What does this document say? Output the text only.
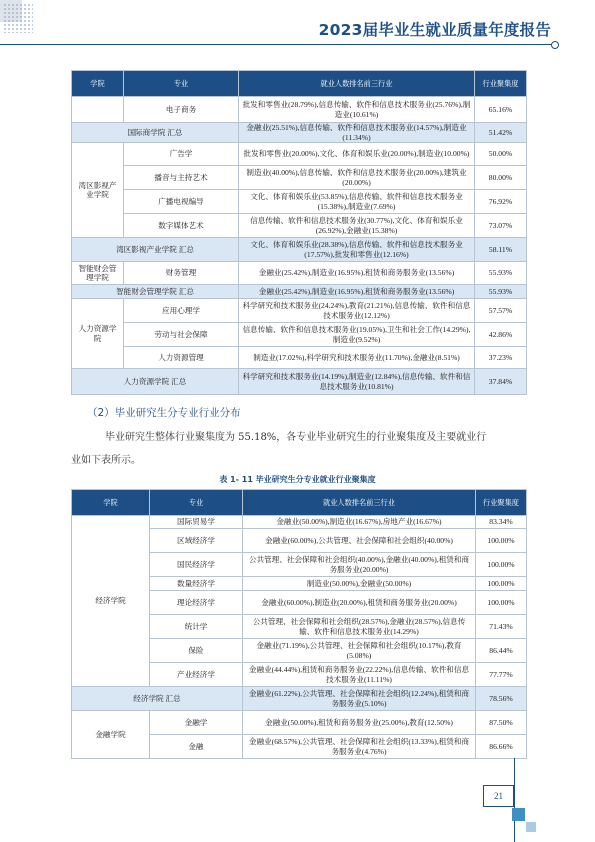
2023届毕业生就业质量年度报告
学院	专业	就业人数排名前三行业	行业聚集度
	电子商务	批发和零售业(28.79%),信息传输、软件和信息技术服务业(25.76%),制造业(10.61%)	65.16%
国际商学院 汇总		金融业(25.51%),信息传输、软件和信息技术服务业(14.57%),制造业(11.34%)	51.42%
湾区影视产业学院	广告学	批发和零售业(20.00%),文化、体育和娱乐业(20.00%),制造业(10.00%)	50.00%
	播音与主持艺术	制造业(40.00%),信息传输、软件和信息技术服务业(20.00%),建筑业(20.00%)	80.00%
	广播电视编导	文化、体育和娱乐业(53.85%),信息传输、软件和信息技术服务业(15.38%),制造业(7.69%)	76.92%
	数字媒体艺术	信息传输、软件和信息技术服务业(30.77%),文化、体育和娱乐业(26.92%),金融业(15.38%)	73.07%
湾区影视产业学院 汇总		文化、体育和娱乐业(28.38%),信息传输、软件和信息技术服务业(17.57%),批发和零售业(12.16%)	58.11%
智能财会管理学院	财务管理	金融业(25.42%),制造业(16.95%),租赁和商务服务业(13.56%)	55.93%
智能财会管理学院 汇总		金融业(25.42%),制造业(16.95%),租赁和商务服务业(13.56%)	55.93%
人力资源学院	应用心理学	科学研究和技术服务业(24.24%),教育(21.21%),信息传输、软件和信息技术服务业(12.12%)	57.57%
	劳动与社会保障	信息传输、软件和信息技术服务业(19.05%),卫生和社会工作(14.29%),制造业(9.52%)	42.86%
	人力资源管理	制造业(17.02%),科学研究和技术服务业(11.70%),金融业(8.51%)	37.23%
人力资源学院 汇总		科学研究和技术服务业(14.19%),制造业(12.84%),信息传输、软件和信息技术服务业(10.81%)	37.84%
（2）毕业研究生分专业行业分布
毕业研究生整体行业聚集度为 55.18%，各专业毕业研究生的行业聚集度及主要就业行
业如下表所示。
表 1- 11 毕业研究生分专业就业行业聚集度
学院	专业	就业人数排名前三行业	行业聚集度
经济学院	国际贸易学	金融业(50.00%),制造业(16.67%),房地产业(16.67%)	83.34%
	区域经济学	金融业(60.00%),公共管理、社会保障和社会组织(40.00%)	100.00%
	国民经济学	公共管理、社会保障和社会组织(40.00%),金融业(40.00%),租赁和商务服务业(20.00%)	100.00%
	数量经济学	制造业(50.00%),金融业(50.00%)	100.00%
	理论经济学	金融业(60.00%),制造业(20.00%),租赁和商务服务业(20.00%)	100.00%
	统计学	公共管理、社会保障和社会组织(28.57%),金融业(28.57%),信息传输、软件和信息技术服务业(14.29%)	71.43%
	保险	金融业(71.19%),公共管理、社会保障和社会组织(10.17%),教育(5.08%)	86.44%
	产业经济学	金融业(44.44%),租赁和商务服务业(22.22%),信息传输、软件和信息技术服务业(11.11%)	77.77%
经济学院 汇总		金融业(61.22%),公共管理、社会保障和社会组织(12.24%),租赁和商务服务业(5.10%)	78.56%
金融学院	金融学	金融业(50.00%),租赁和商务服务业(25.00%),教育(12.50%)	87.50%
	金融	金融业(68.57%),公共管理、社会保障和社会组织(13.33%),租赁和商务服务业(4.76%)	86.66%
21
